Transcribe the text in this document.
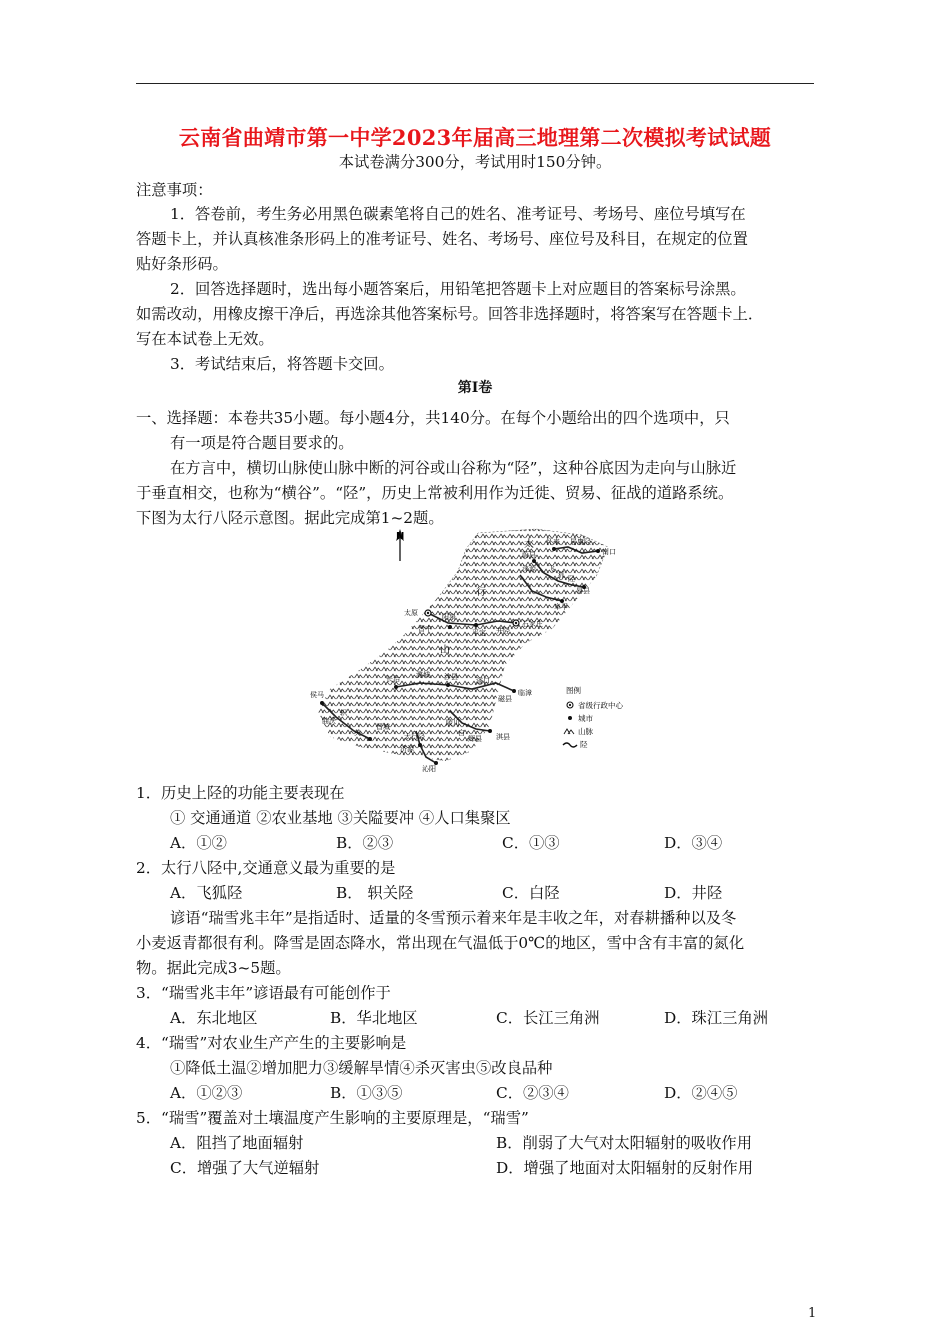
云南省曲靖市第一中学2023年届高三地理第二次模拟考试试题
本试卷满分300分，考试用时150分钟。
注意事项：
1．答卷前，考生务必用黑色碳素笔将自己的姓名、准考证号、考场号、座位号填写在
答题卡上，并认真核准条形码上的准考证号、姓名、考场号、座位号及科目，在规定的位置
贴好条形码。
2．回答选择题时，选出每小题答案后，用铅笔把答题卡上对应题目的答案标号涂黑。
如需改动，用橡皮擦干净后，再选涂其他答案标号。回答非选择题时，将答案写在答题卡上．
写在本试卷上无效。
3．考试结束后，将答题卡交回。
第Ⅰ卷
一、选择题：本卷共35小题。每小题4分，共140分。在每个小题给出的四个选项中，只
有一项是符合题目要求的。
在方言中，横切山脉使山脉中断的河谷或山谷称为“陉”，这种谷底因为走向与山脉近
于垂直相交，也称为“横谷”。“陉”，历史上常被利用作为迁徙、贸易、征战的道路系统。
下图为太行八陉示意图。据此完成第1~2题。
N	怀来 居庸陉
南口
蔚县
飞
狐 陉
易县
涞源
阜平
太原
石家庄
晋中
阳泉
平定 井陉
山
太
行
长治 潞城 涉县	滏口
磁县
临漳
侯马
曲沃
轵
关
晋城	陵川
白
辉县 淇县
济源
沁阳
太行陉
图例
省级行政中心
城市
山脉
陉
1．历史上陉的功能主要表现在
① 交通通道 ②农业基地 ③关隘要冲 ④人口集聚区
A．①②	B．②③	C．①③	D．③④
2．太行八陉中,交通意义最为重要的是
A．飞狐陉	B． 轵关陉	C．白陉	D．井陉
谚语“瑞雪兆丰年”是指适时、适量的冬雪预示着来年是丰收之年，对春耕播种以及冬
小麦返青都很有利。降雪是固态降水，常出现在气温低于0℃的地区，雪中含有丰富的氮化
物。据此完成3~5题。
3．“瑞雪兆丰年”谚语最有可能创作于
A．东北地区	B．华北地区	C．长江三角洲	D．珠江三角洲
4．“瑞雪”对农业生产产生的主要影响是
①降低土温②增加肥力③缓解旱情④杀灭害虫⑤改良品种
A．①②③	B．①③⑤	C．②③④	D．②④⑤
5．“瑞雪”覆盖对土壤温度产生影响的主要原理是，“瑞雪”
A．阻挡了地面辐射	B．削弱了大气对太阳辐射的吸收作用
C．增强了大气逆辐射	D．增强了地面对太阳辐射的反射作用
1
